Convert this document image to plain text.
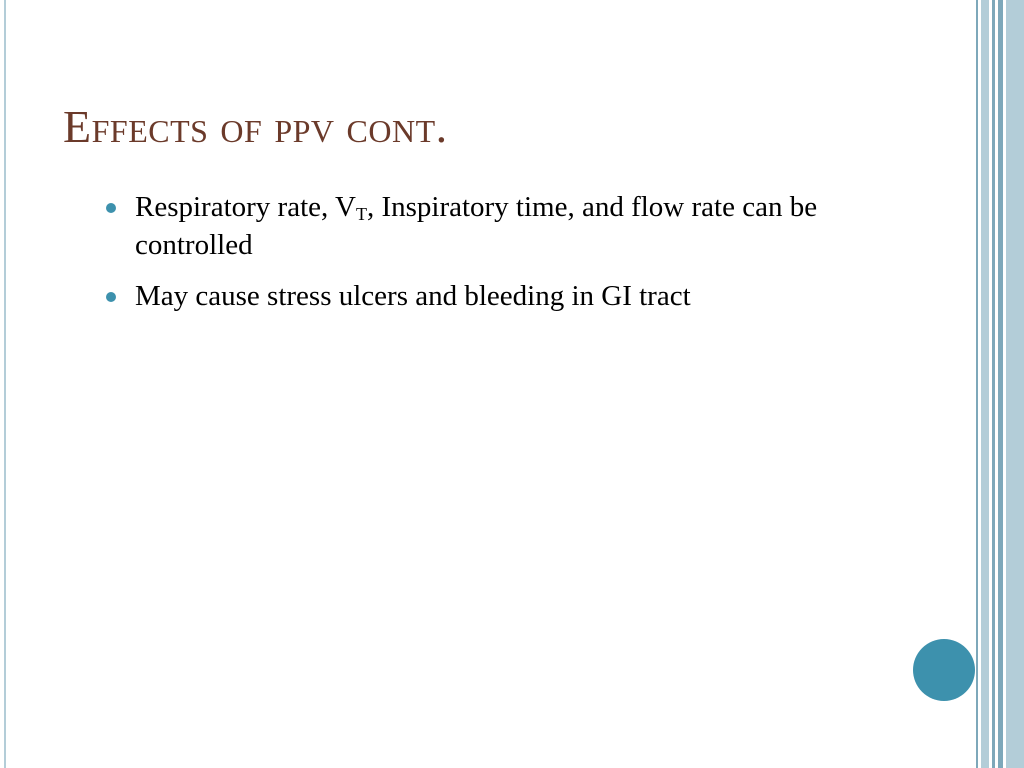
Effects of ppv cont.
Respiratory rate, $V_T$, Inspiratory time, and flow rate can be controlled
May cause stress ulcers and bleeding in GI tract
